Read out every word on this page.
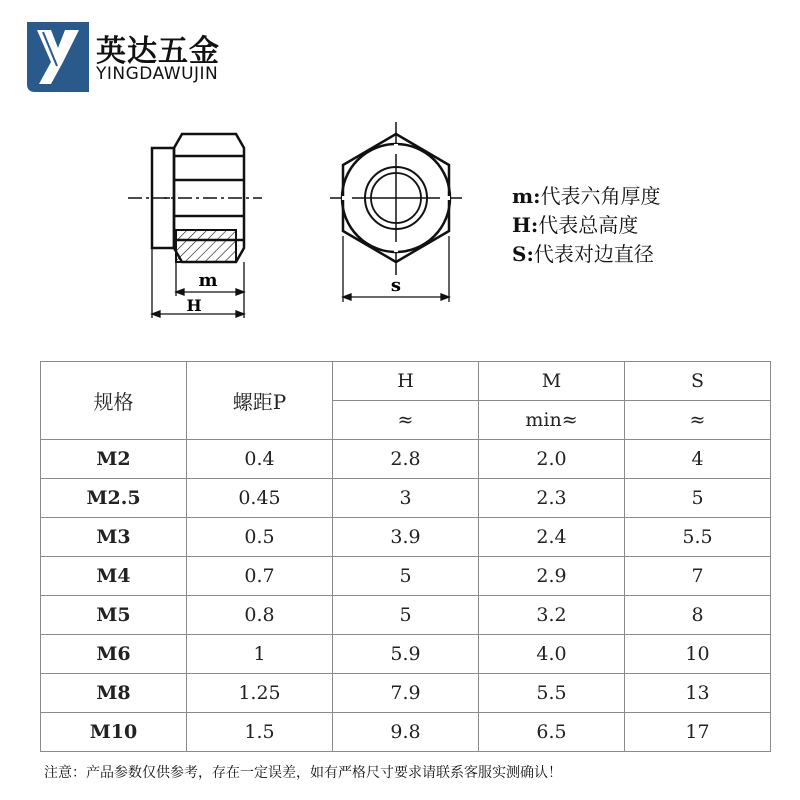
英达五金
YINGDAWUJIN
m
H
s
m:代表六角厚度
H:代表总高度
S:代表对边直径
规格	螺距P	H	M	S
		≈	min≈	≈
M2	0.4	2.8	2.0	4
M2.5	0.45	3	2.3	5
M3	0.5	3.9	2.4	5.5
M4	0.7	5	2.9	7
M5	0.8	5	3.2	8
M6	1	5.9	4.0	10
M8	1.25	7.9	5.5	13
M10	1.5	9.8	6.5	17
注意：产品参数仅供参考，存在一定误差，如有严格尺寸要求请联系客服实测确认！
